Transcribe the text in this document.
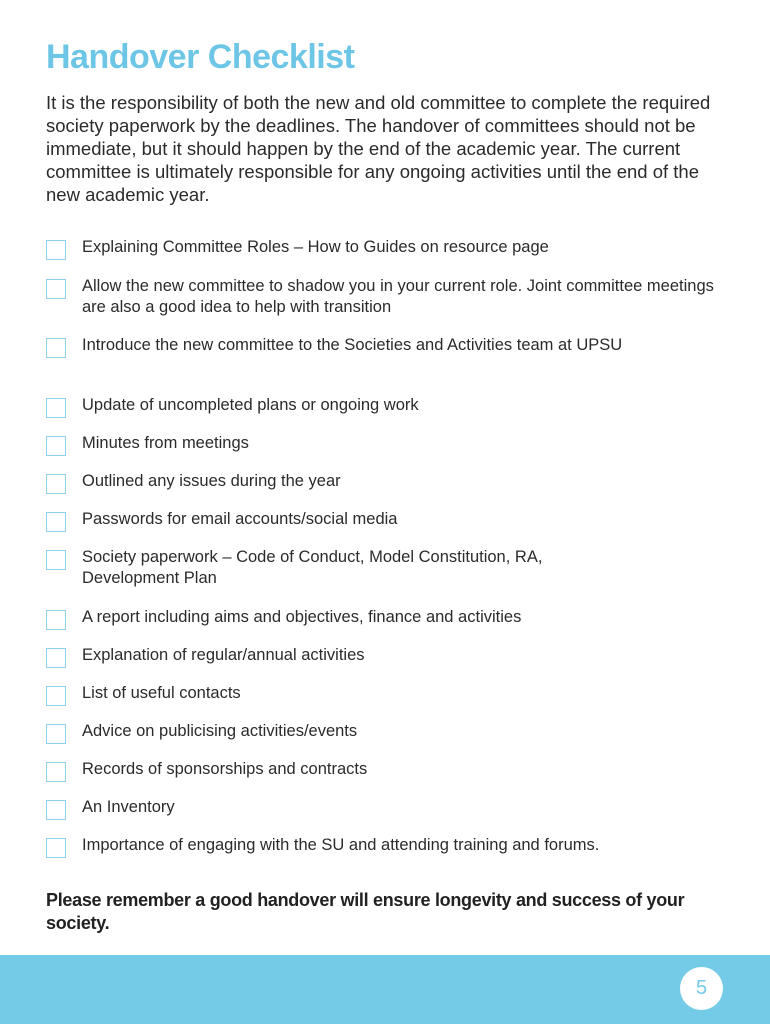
Handover Checklist

It is the responsibility of both the new and old committee to complete the required society paperwork by the deadlines. The handover of committees should not be immediate, but it should happen by the end of the academic year. The current committee is ultimately responsible for any ongoing activities until the end of the new academic year.

Explaining Committee Roles – How to Guides on resource page
Allow the new committee to shadow you in your current role. Joint committee meetings are also a good idea to help with transition
Introduce the new committee to the Societies and Activities team at UPSU
Update of uncompleted plans or ongoing work
Minutes from meetings
Outlined any issues during the year
Passwords for email accounts/social media
Society paperwork – Code of Conduct, Model Constitution, RA, Development Plan
A report including aims and objectives, finance and activities
Explanation of regular/annual activities
List of useful contacts
Advice on publicising activities/events
Records of sponsorships and contracts
An Inventory
Importance of engaging with the SU and attending training and forums.

Please remember a good handover will ensure longevity and success of your society.

5
